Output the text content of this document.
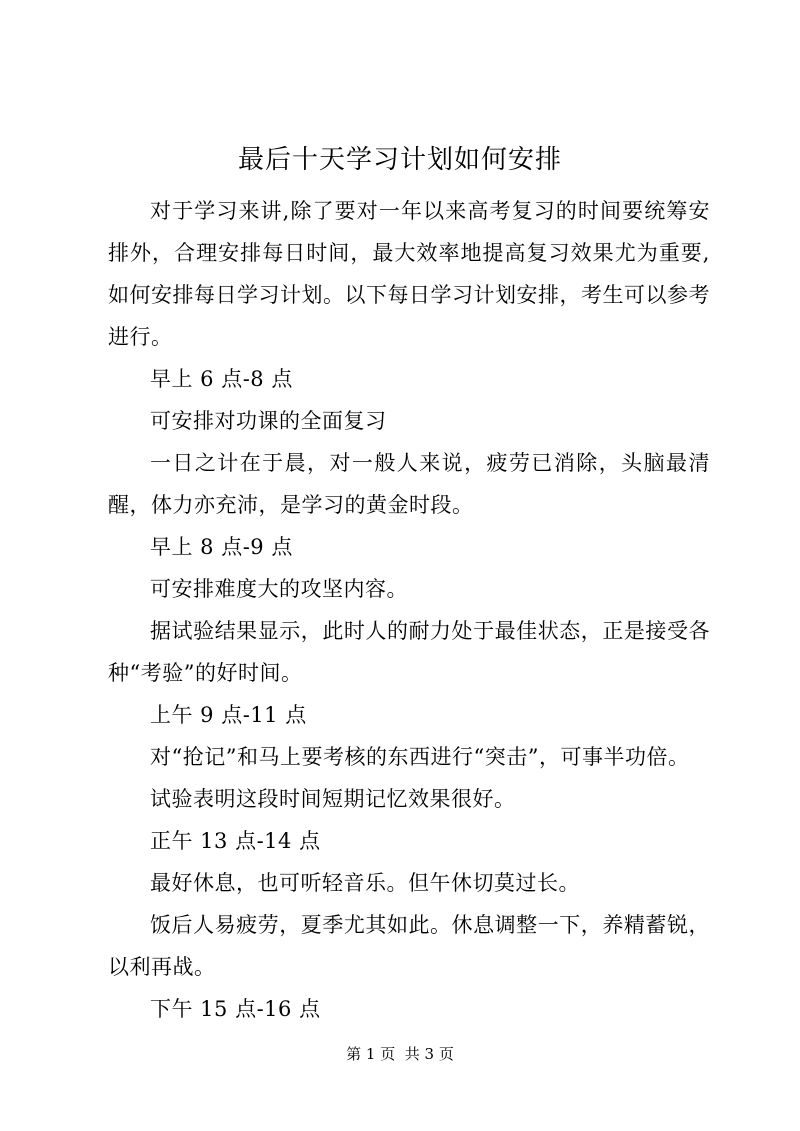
最后十天学习计划如何安排

对于学习来讲,除了要对一年以来高考复习的时间要统筹安排外，合理安排每日时间，最大效率地提高复习效果尤为重要,如何安排每日学习计划。以下每日学习计划安排，考生可以参考进行。

早上 6 点-8 点

可安排对功课的全面复习

一日之计在于晨，对一般人来说，疲劳已消除，头脑最清醒，体力亦充沛，是学习的黄金时段。

早上 8 点-9 点

可安排难度大的攻坚内容。

据试验结果显示，此时人的耐力处于最佳状态，正是接受各种“考验”的好时间。

上午 9 点-11 点

对“抢记”和马上要考核的东西进行“突击”，可事半功倍。

试验表明这段时间短期记忆效果很好。

正午 13 点-14 点

最好休息，也可听轻音乐。但午休切莫过长。

饭后人易疲劳，夏季尤其如此。休息调整一下，养精蓄锐，以利再战。

下午 15 点-16 点

第 1 页  共 3 页
